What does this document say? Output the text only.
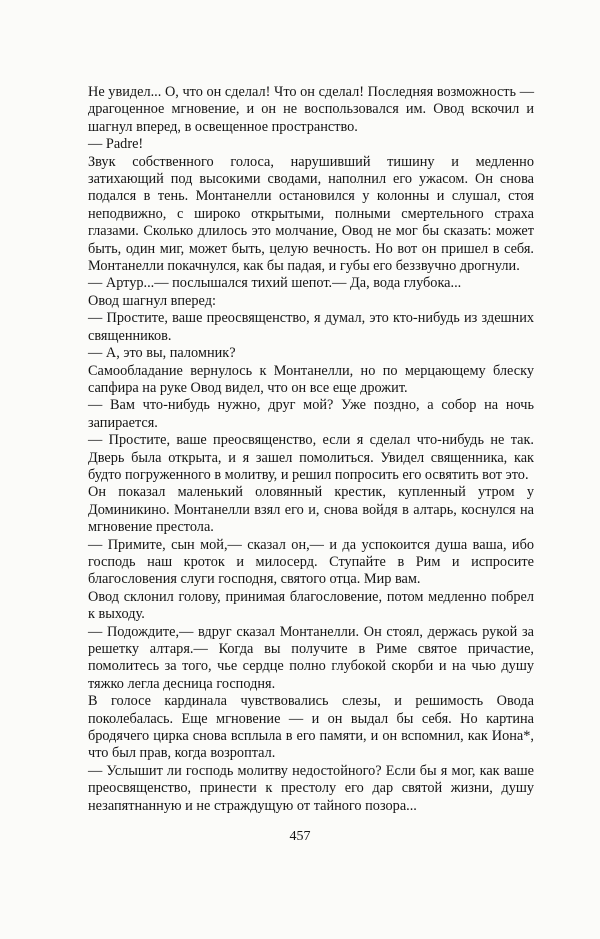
Не увидел... О, что он сделал! Что он сделал! Последняя возможность — драгоценное мгновение, и он не воспользовался им. Овод вскочил и шагнул вперед, в освещенное пространство.

— Padre!

Звук собственного голоса, нарушивший тишину и медленно затихающий под высокими сводами, наполнил его ужасом. Он снова подался в тень. Монтанелли остановился у колонны и слушал, стоя неподвижно, с широко открытыми, полными смертельного страха глазами. Сколько длилось это молчание, Овод не мог бы сказать: может быть, один миг, может быть, целую вечность. Но вот он пришел в себя. Монтанелли покачнулся, как бы падая, и губы его беззвучно дрогнули.

— Артур...— послышался тихий шепот.— Да, вода глубока...

Овод шагнул вперед:

— Простите, ваше преосвященство, я думал, это кто-нибудь из здешних священников.

— А, это вы, паломник?

Самообладание вернулось к Монтанелли, но по мерцающему блеску сапфира на руке Овод видел, что он все еще дрожит.

— Вам что-нибудь нужно, друг мой? Уже поздно, а собор на ночь запирается.

— Простите, ваше преосвященство, если я сделал что-нибудь не так. Дверь была открыта, и я зашел помолиться. Увидел священника, как будто погруженного в молитву, и решил попросить его освятить вот это.

Он показал маленький оловянный крестик, купленный утром у Доминикино. Монтанелли взял его и, снова войдя в алтарь, коснулся на мгновение престола.

— Примите, сын мой,— сказал он,— и да успокоится душа ваша, ибо господь наш кроток и милосерд. Ступайте в Рим и испросите благословения слуги господня, святого отца. Мир вам.

Овод склонил голову, принимая благословение, потом медленно побрел к выходу.

— Подождите,— вдруг сказал Монтанелли. Он стоял, держась рукой за решетку алтаря.— Когда вы получите в Риме святое причастие, помолитесь за того, чье сердце полно глубокой скорби и на чью душу тяжко легла десница господня.

В голосе кардинала чувствовались слезы, и решимость Овода поколебалась. Еще мгновение — и он выдал бы себя. Но картина бродячего цирка снова всплыла в его памяти, и он вспомнил, как Иона*, что был прав, когда возроптал.

— Услышит ли господь молитву недостойного? Если бы я мог, как ваше преосвященство, принести к престолу его дар святой жизни, душу незапятнанную и не страждущую от тайного позора...

457
